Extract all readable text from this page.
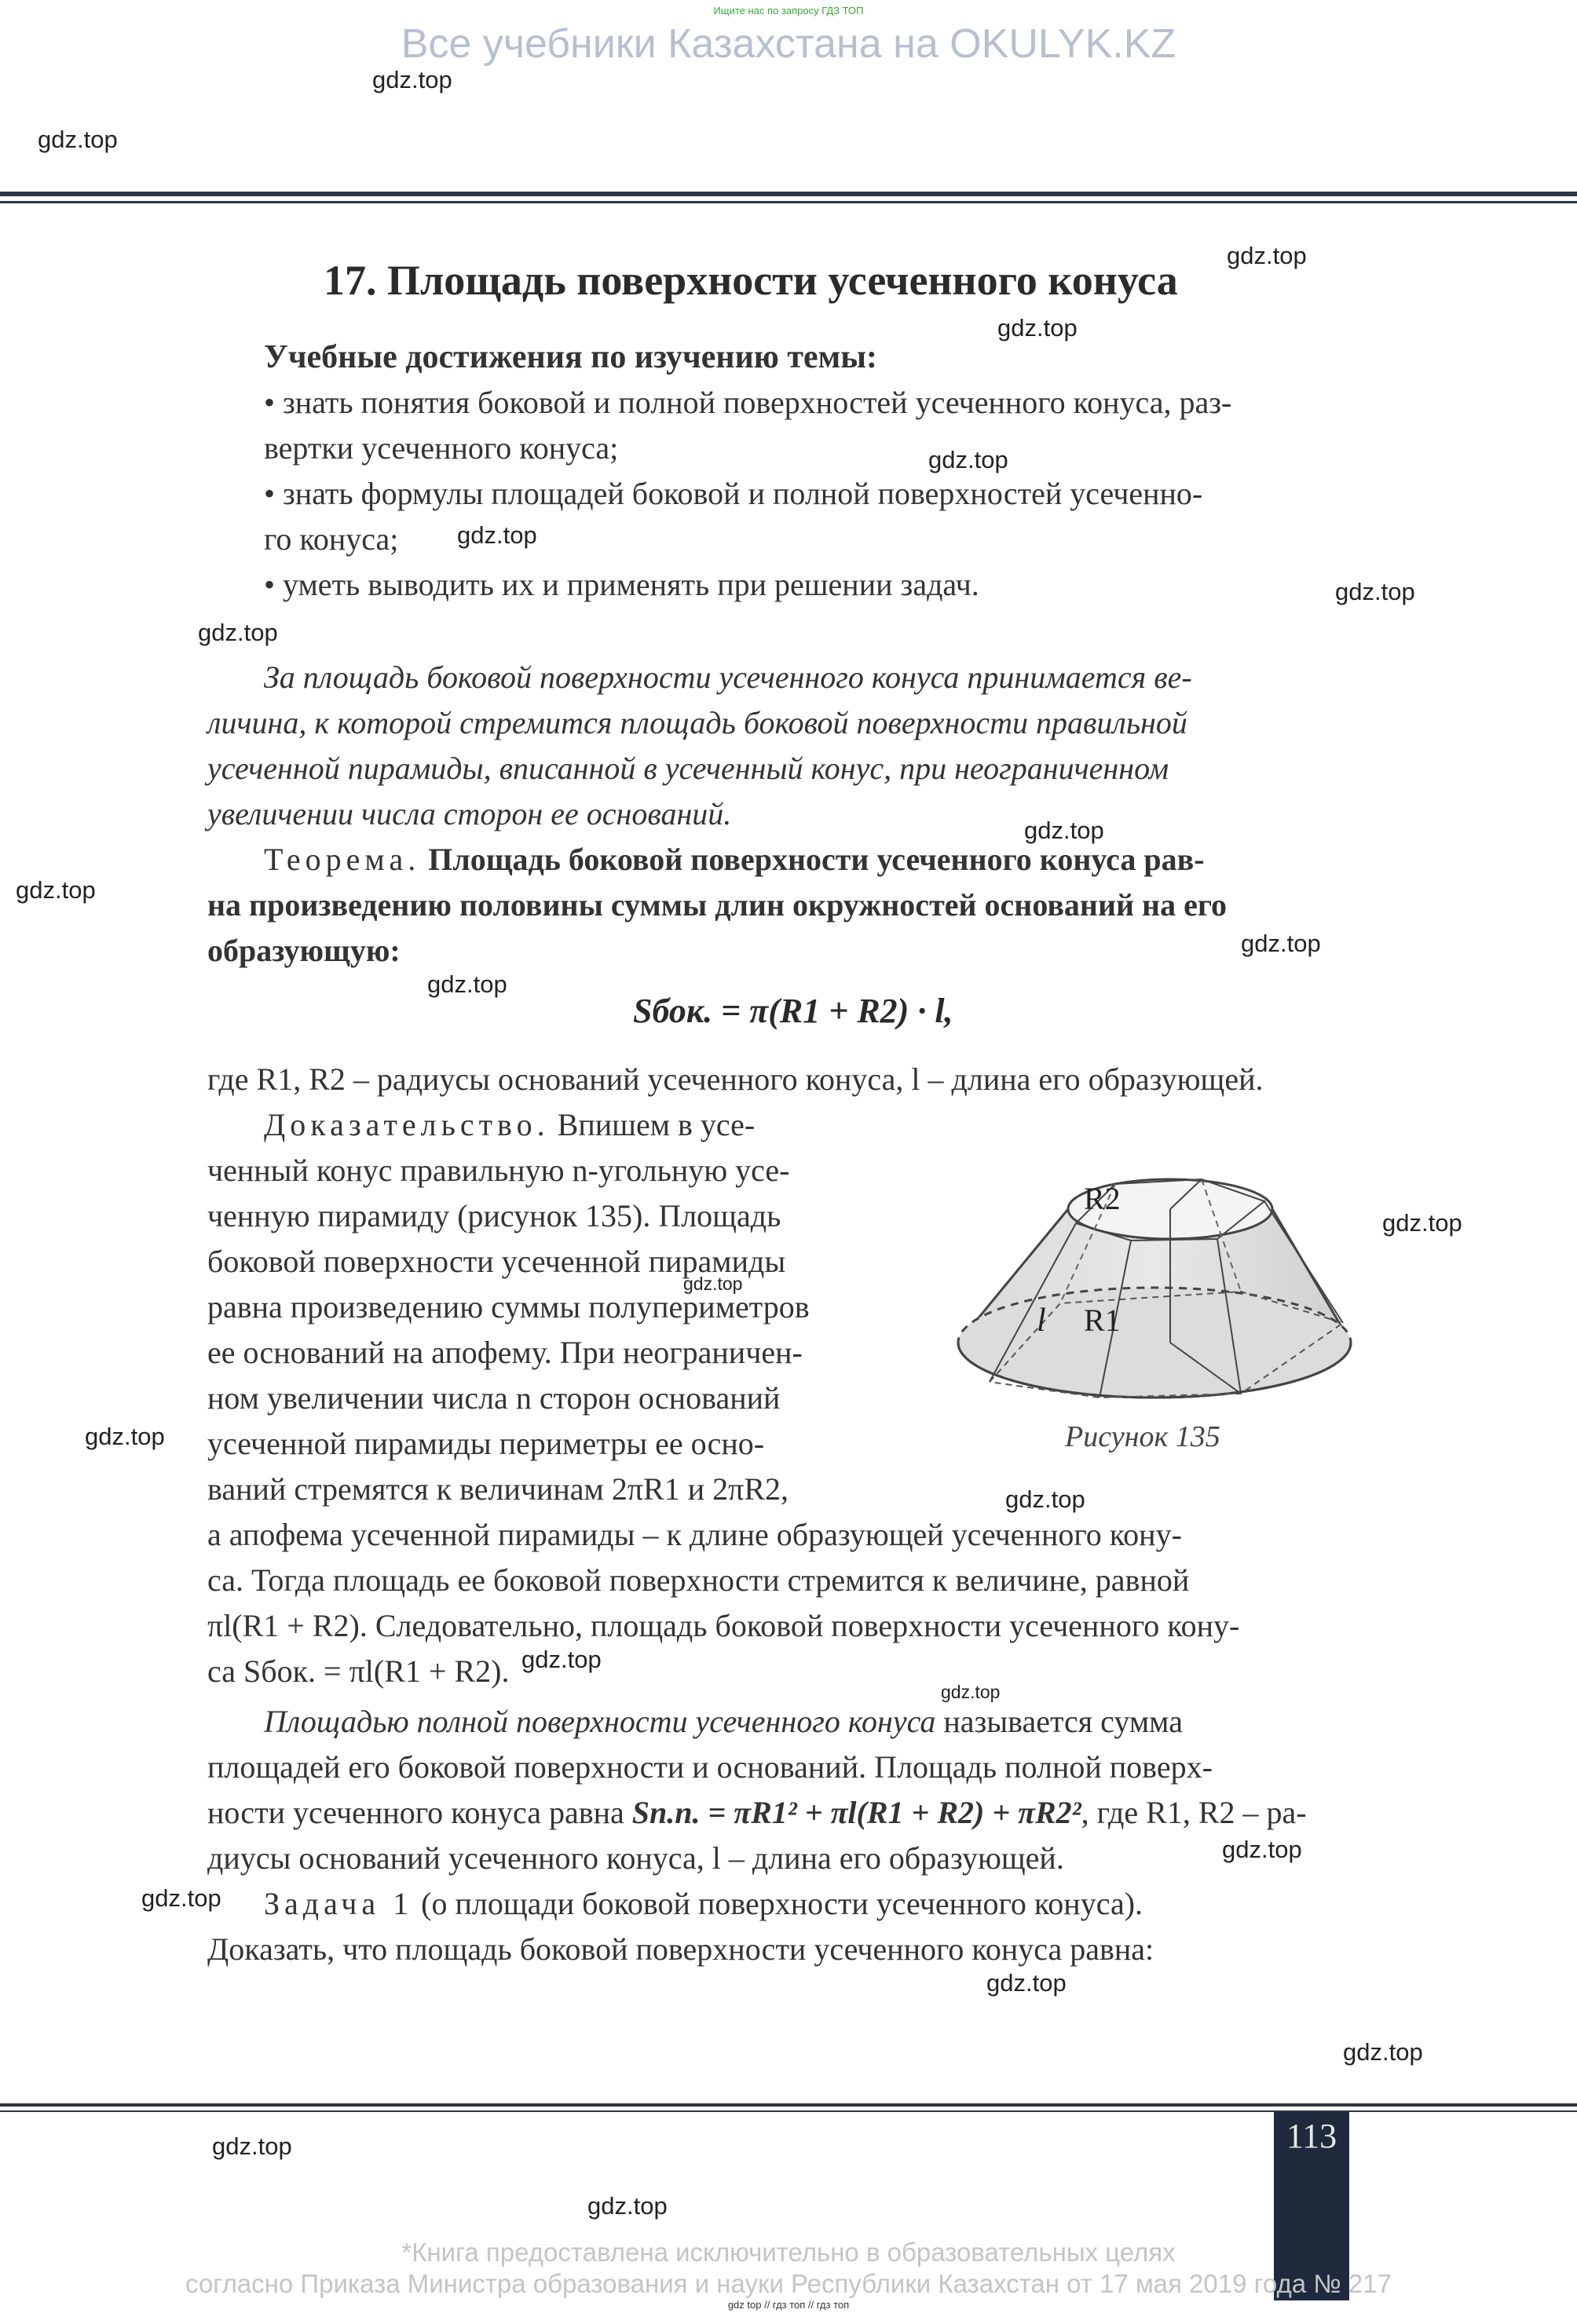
Ищите нас по запросу ГДЗ ТОП
Все учебники Казахстана на OKULYK.KZ
gdz.top
gdz.top
gdz.top
gdz.top
gdz.top
gdz.top
gdz.top
gdz.top
gdz.top
gdz.top
gdz.top
gdz.top
gdz.top
gdz.top
gdz.top
gdz.top
gdz.top
gdz.top
gdz.top
gdz.top
gdz.top
gdz.top
gdz.top
gdz.top
17. Площадь поверхности усеченного конуса
Учебные достижения по изучению темы:
• знать понятия боковой и полной поверхностей усеченного конуса, раз-
вертки усеченного конуса;
• знать формулы площадей боковой и полной поверхностей усеченно-
го конуса;
• уметь выводить их и применять при решении задач.
За площадь боковой поверхности усеченного конуса принимается ве-
личина, к которой стремится площадь боковой поверхности правильной
усеченной пирамиды, вписанной в усеченный конус, при неограниченном
увеличении числа сторон ее оснований.
Теорема. Площадь боковой поверхности усеченного конуса рав-
на произведению половины суммы длин окружностей оснований на его
образующую:
Sбок. = π(R1 + R2) · l,
где R1, R2 – радиусы оснований усеченного конуса, l – длина его образующей.
Доказательство. Впишем в усе-
ченный конус правильную n-угольную усе-
ченную пирамиду (рисунок 135). Площадь
боковой поверхности усеченной пирамиды
равна произведению суммы полупериметров
ее оснований на апофему. При неограничен-
ном увеличении числа n сторон оснований
усеченной пирамиды периметры ее осно-
ваний стремятся к величинам 2πR1 и 2πR2,
а апофема усеченной пирамиды – к длине образующей усеченного кону-
са. Тогда площадь ее боковой поверхности стремится к величине, равной
πl(R1 + R2). Следовательно, площадь боковой поверхности усеченного кону-
са Sбок. = πl(R1 + R2).
R2
l R1
Рисунок 135
Площадью полной поверхности усеченного конуса называется сумма
площадей его боковой поверхности и оснований. Площадь полной поверх-
ности усеченного конуса равна Sп.п. = πR1² + πl(R1 + R2) + πR2², где R1, R2 – ра-
диусы оснований усеченного конуса, l – длина его образующей.
Задача 1 (о площади боковой поверхности усеченного конуса).
Доказать, что площадь боковой поверхности усеченного конуса равна:
113
*Книга предоставлена исключительно в образовательных целях
согласно Приказа Министра образования и науки Республики Казахстан от 17 мая 2019 года № 217
gdz top // гдз топ // гдз топ
